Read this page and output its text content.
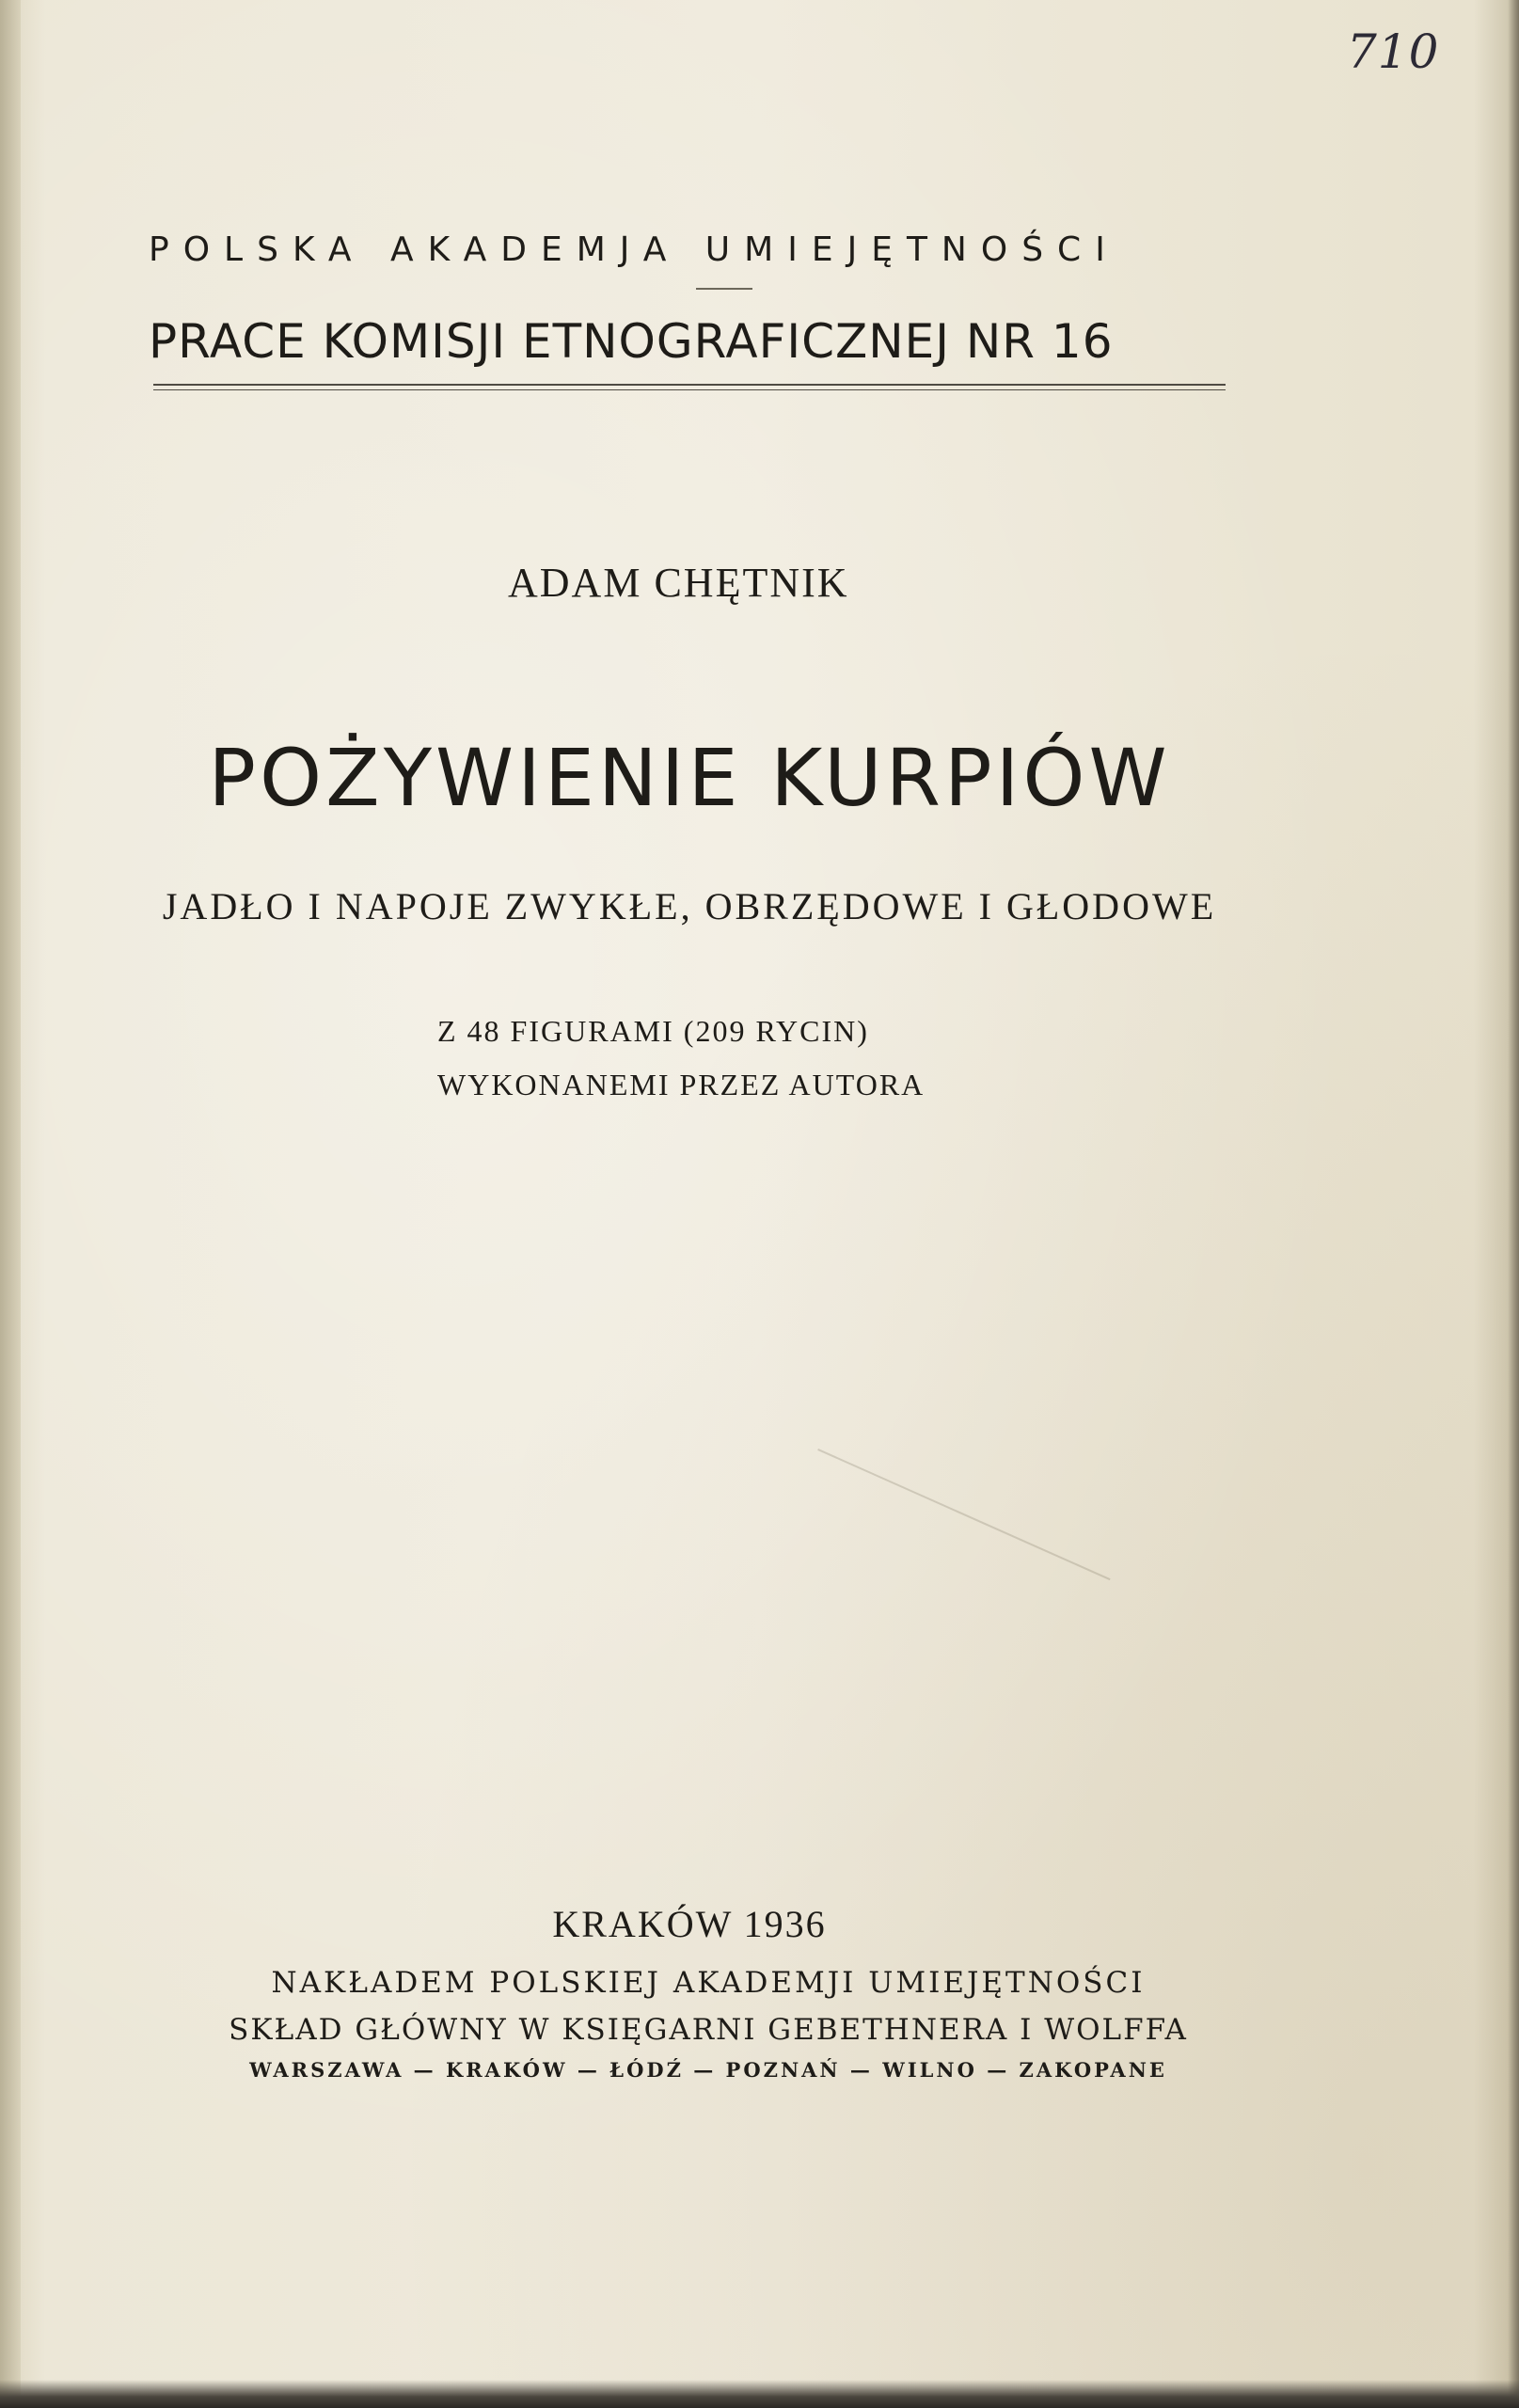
710
POLSKA AKADEMJA UMIEJĘTNOŚCI
PRACE KOMISJI ETNOGRAFICZNEJ NR 16
ADAM CHĘTNIK
POŻYWIENIE KURPIÓW
JADŁO I NAPOJE ZWYKŁE, OBRZĘDOWE I GŁODOWE
Z 48 FIGURAMI (209 RYCIN)
WYKONANEMI PRZEZ AUTORA
KRAKÓW 1936
NAKŁADEM POLSKIEJ AKADEMJI UMIEJĘTNOŚCI
SKŁAD GŁÓWNY W KSIĘGARNI GEBETHNERA I WOLFFA
WARSZAWA — KRAKÓW — ŁÓDŹ — POZNAŃ — WILNO — ZAKOPANE
